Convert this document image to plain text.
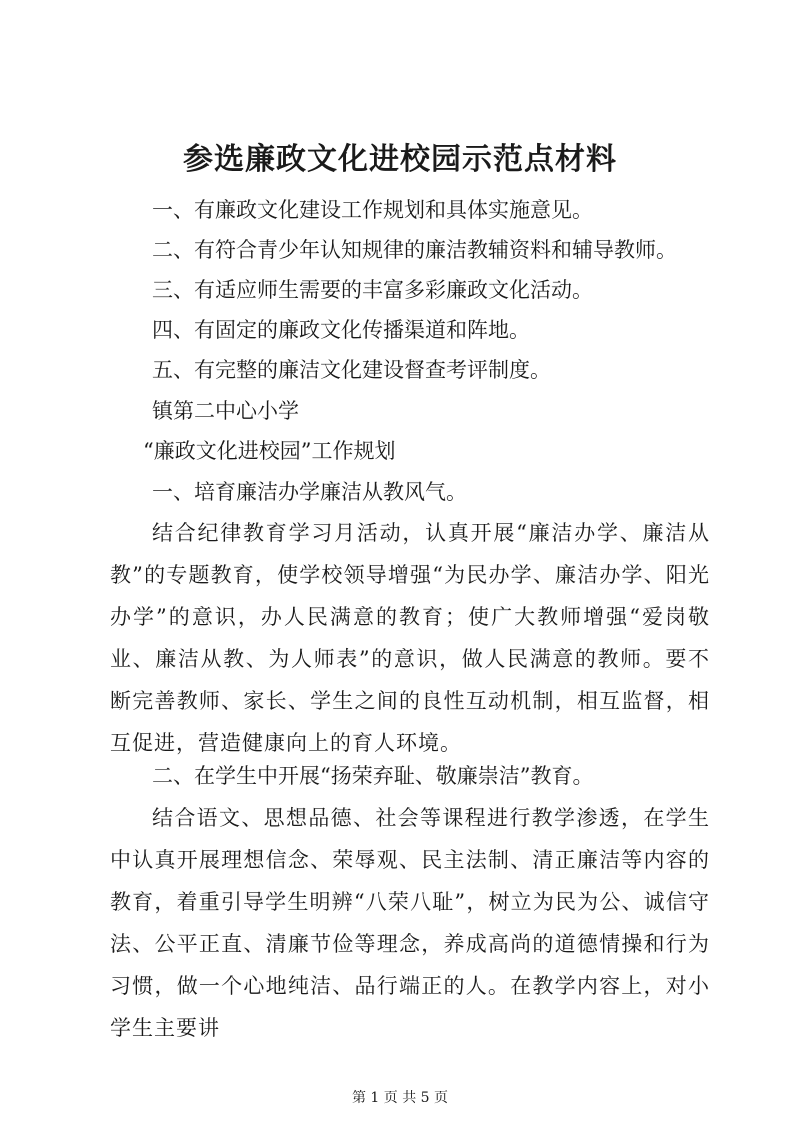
参选廉政文化进校园示范点材料
一、有廉政文化建设工作规划和具体实施意见。
二、有符合青少年认知规律的廉洁教辅资料和辅导教师。
三、有适应师生需要的丰富多彩廉政文化活动。
四、有固定的廉政文化传播渠道和阵地。
五、有完整的廉洁文化建设督查考评制度。
镇第二中心小学
“廉政文化进校园”工作规划
一、培育廉洁办学廉洁从教风气。
结合纪律教育学习月活动，认真开展“廉洁办学、廉洁从教”的专题教育，使学校领导增强“为民办学、廉洁办学、阳光办学”的意识，办人民满意的教育；使广大教师增强“爱岗敬业、廉洁从教、为人师表”的意识，做人民满意的教师。要不断完善教师、家长、学生之间的良性互动机制，相互监督，相互促进，营造健康向上的育人环境。
二、在学生中开展“扬荣弃耻、敬廉崇洁”教育。
结合语文、思想品德、社会等课程进行教学渗透，在学生中认真开展理想信念、荣辱观、民主法制、清正廉洁等内容的教育，着重引导学生明辨“八荣八耻”，树立为民为公、诚信守法、公平正直、清廉节俭等理念，养成高尚的道德情操和行为习惯，做一个心地纯洁、品行端正的人。在教学内容上，对小学生主要讲
第 1 页 共 5 页
